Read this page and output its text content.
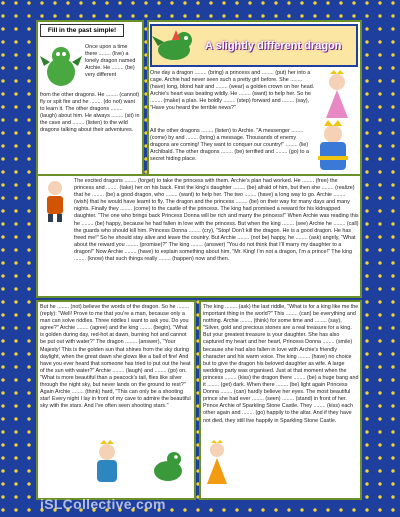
Fill in the past simple!
A slightly different dragon
Once upon a time there ........ (live) a lonely dragon named Archie. He ........ (be) very different
from the other dragons. He ........ (cannot) fly or spit fire and he ........ (do not) want to learn it. The other dragons ........ (laugh) about him. He always ........ (sit) in the cave and ........ (listen) to the wild dragons talking about their adventures.
One day a dragon ........ (bring) a princess and ........ (put) her into a cage. Archie had never seen such a pretty girl before. She ........ (have) long, blond hair and ........ (wear) a golden crown on her head. Archie's heart was beating wildly. He ........ (want) to help her. So he ........ (make) a plan. He boldly ........ (step) forward and ........ (say), "Have you heard the terrible news?"
All the other dragons ........ (listen) to Archie. "A messenger ........ (come) by and ........ (bring) a message. Thousands of enemy dragons are coming! They want to conquer our country!" ........ (lie) Archibald. The other dragons ........ (be) terrified and ........ (go) to a secret hiding place.
The excited dragons ........ (forget) to take the princess with them. Archie's plan had worked. He ........ (free) the princess and ........ (take) her on his back. First the king's daughter ........ (be) afraid of him, but then she ........ (realize) that he ........ (be) a good dragon, who ........ (want) to help her. The two ........ (have) a long way to go. Archie ........ (wish) that he would have learnt to fly. The dragon and the princess ........ (be) on their way for many days and many nights. Finally they ........ (come) to the castle of the princess. The king had promised a reward for his kidnapped daughter. "The one who brings back Princess Donna will be rich and marry the princess!" When Archie was reading this he ........ (be) happy, because he had fallen in love with the princess. But when the king ........ (see) Archie he ........ (call) the guards who should kill him. Princess Donna ........ (cry), "Stop! Don't kill the dragon. He is a good dragon. He has freed me!" So he should stay alive and leave the country. But Archie ........ (not be) happy, he ........ (ask) angrily, "What about the reward you ........ (promise)?" The king ........ (answer) "You do not think that I'll marry my daughter to a dragon!" Now Archie ........ (have) to explain something about him, "Mr. King! I'm not a dragon, I'm a prince!" The king ........ (know) that such things really ........ (happen) now and then.
But he ........ (not) believe the words of the dragon. So he ........ (reply): "Well! Prove to me that you're a man, because only a man can solve riddles. Three riddles I want to ask you. Do you agree?" Archie ........ (agree) and the king ........ (begin), "What is golden during day, red-hot at dawn, burning hot and cannot be put out with water?" The dragon ........ (answer), "Your Majesty! This is the golden sun that shines from the sky during daylight, when the great dawn she glows like a ball of fire! And have you ever heard that someone has tried to put out the heat of the sun with water?" Archie ........ (laugh) and ........ (go) on. "What is more beautiful than a peacock's tail, flies like silver through the night sky, but never lands on the ground to rest?" Again Archie ........ (think) hard, "This can only be a shooting star! Every night I lay in front of my cave to admire the beautiful sky with the stars. And I've often seen shooting stars."
The king ........ (ask) the last riddle, "What is for a king like me the important thing in the world?" This ........ (can) be everything and nothing. Archie ........ (think) for some time and ........ (say), "Silver, gold and precious stones are a real treasure for a king. But your greatest treasure is your daughter. She has also captured my heart and her heart, Princess Donna ........ (smile) because she had also fallen in love with Archie's friendly character and his warm voice. The king ........ (have) no choice but to give the dragon his beloved daughter as wife. A large wedding party was organised. Just at that moment when the princess ........ (kiss) the dragon there ........ (be) a huge bang and it ........ (get) dark. When there ........ (be) light again Princess Donna ........ (can) hardly believe her eyes. The most beautiful prince she had ever ........ (seen) ........ (stand) in front of her. Prince Archie of Sparkling Stone Castle. They ........ (kiss) each other again and ........ (go) happily to the altar. And if they have not died, they still live happily in Sparkling Stone Castle.
iSLCollective.com
